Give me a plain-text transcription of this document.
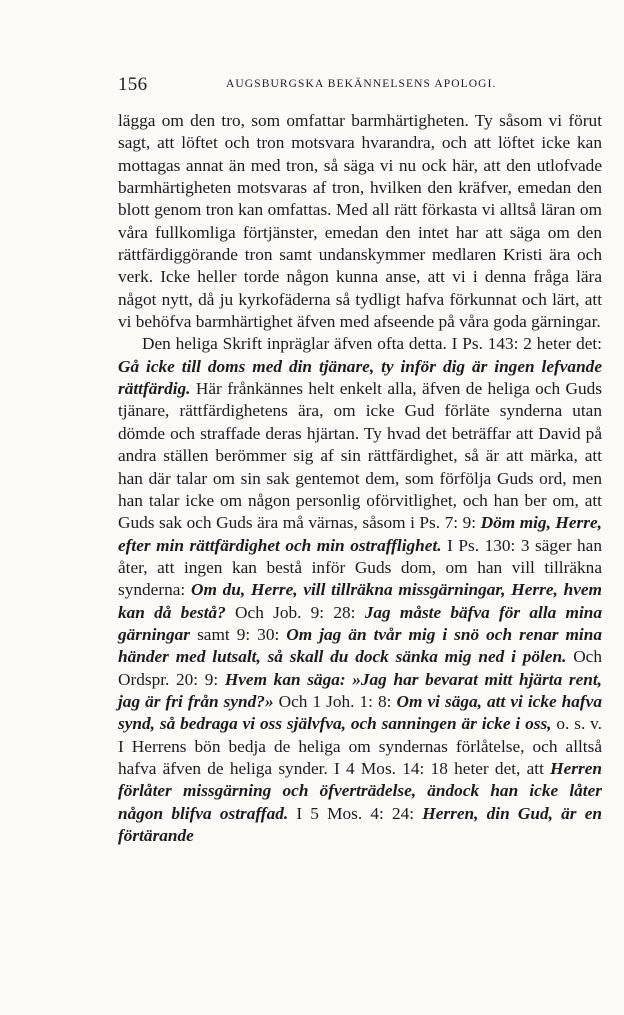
156	AUGSBURGSKA BEKÄNNELSENS APOLOGI.

lägga om den tro, som omfattar barmhärtigheten. Ty såsom vi förut sagt, att löftet och tron motsvara hvarandra, och att löftet icke kan mottagas annat än med tron, så säga vi nu ock här, att den utlofvade barmhärtigheten motsvaras af tron, hvilken den kräfver, emedan den blott genom tron kan omfattas. Med all rätt förkasta vi alltså läran om våra fullkomliga förtjänster, emedan den intet har att säga om den rättfärdiggörande tron samt undanskymmer medlaren Kristi ära och verk. Icke heller torde någon kunna anse, att vi i denna fråga lära något nytt, då ju kyrkofäderna så tydligt hafva förkunnat och lärt, att vi behöfva barmhärtighet äfven med afseende på våra goda gärningar.

Den heliga Skrift inpräglar äfven ofta detta. I Ps. 143: 2 heter det: Gå icke till doms med din tjänare, ty inför dig är ingen lefvande rättfärdig. Här frånkännes helt enkelt alla, äfven de heliga och Guds tjänare, rättfärdighetens ära, om icke Gud förläte synderna utan dömde och straffade deras hjärtan. Ty hvad det beträffar att David på andra ställen berömmer sig af sin rättfärdighet, så är att märka, att han där talar om sin sak gentemot dem, som förfölja Guds ord, men han talar icke om någon personlig oförvitlighet, och han ber om, att Guds sak och Guds ära må värnas, såsom i Ps. 7: 9: Döm mig, Herre, efter min rättfärdighet och min ostrafflighet. I Ps. 130: 3 säger han åter, att ingen kan bestå inför Guds dom, om han vill tillräkna synderna: Om du, Herre, vill tillräkna missgärningar, Herre, hvem kan då bestå? Och Job. 9: 28: Jag måste bäfva för alla mina gärningar samt 9: 30: Om jag än tvår mig i snö och renar mina händer med lutsalt, så skall du dock sänka mig ned i pölen. Och Ordspr. 20: 9: Hvem kan säga: »Jag har bevarat mitt hjärta rent, jag är fri från synd?» Och 1 Joh. 1: 8: Om vi säga, att vi icke hafva synd, så bedraga vi oss självfva, och sanningen är icke i oss, o. s. v. I Herrens bön bedja de heliga om syndernas förlåtelse, och alltså hafva äfven de heliga synder. I 4 Mos. 14: 18 heter det, att Herren förlåter missgärning och öfverträdelse, ändock han icke låter någon blifva ostraffad. I 5 Mos. 4: 24: Herren, din Gud, är en förtärande
